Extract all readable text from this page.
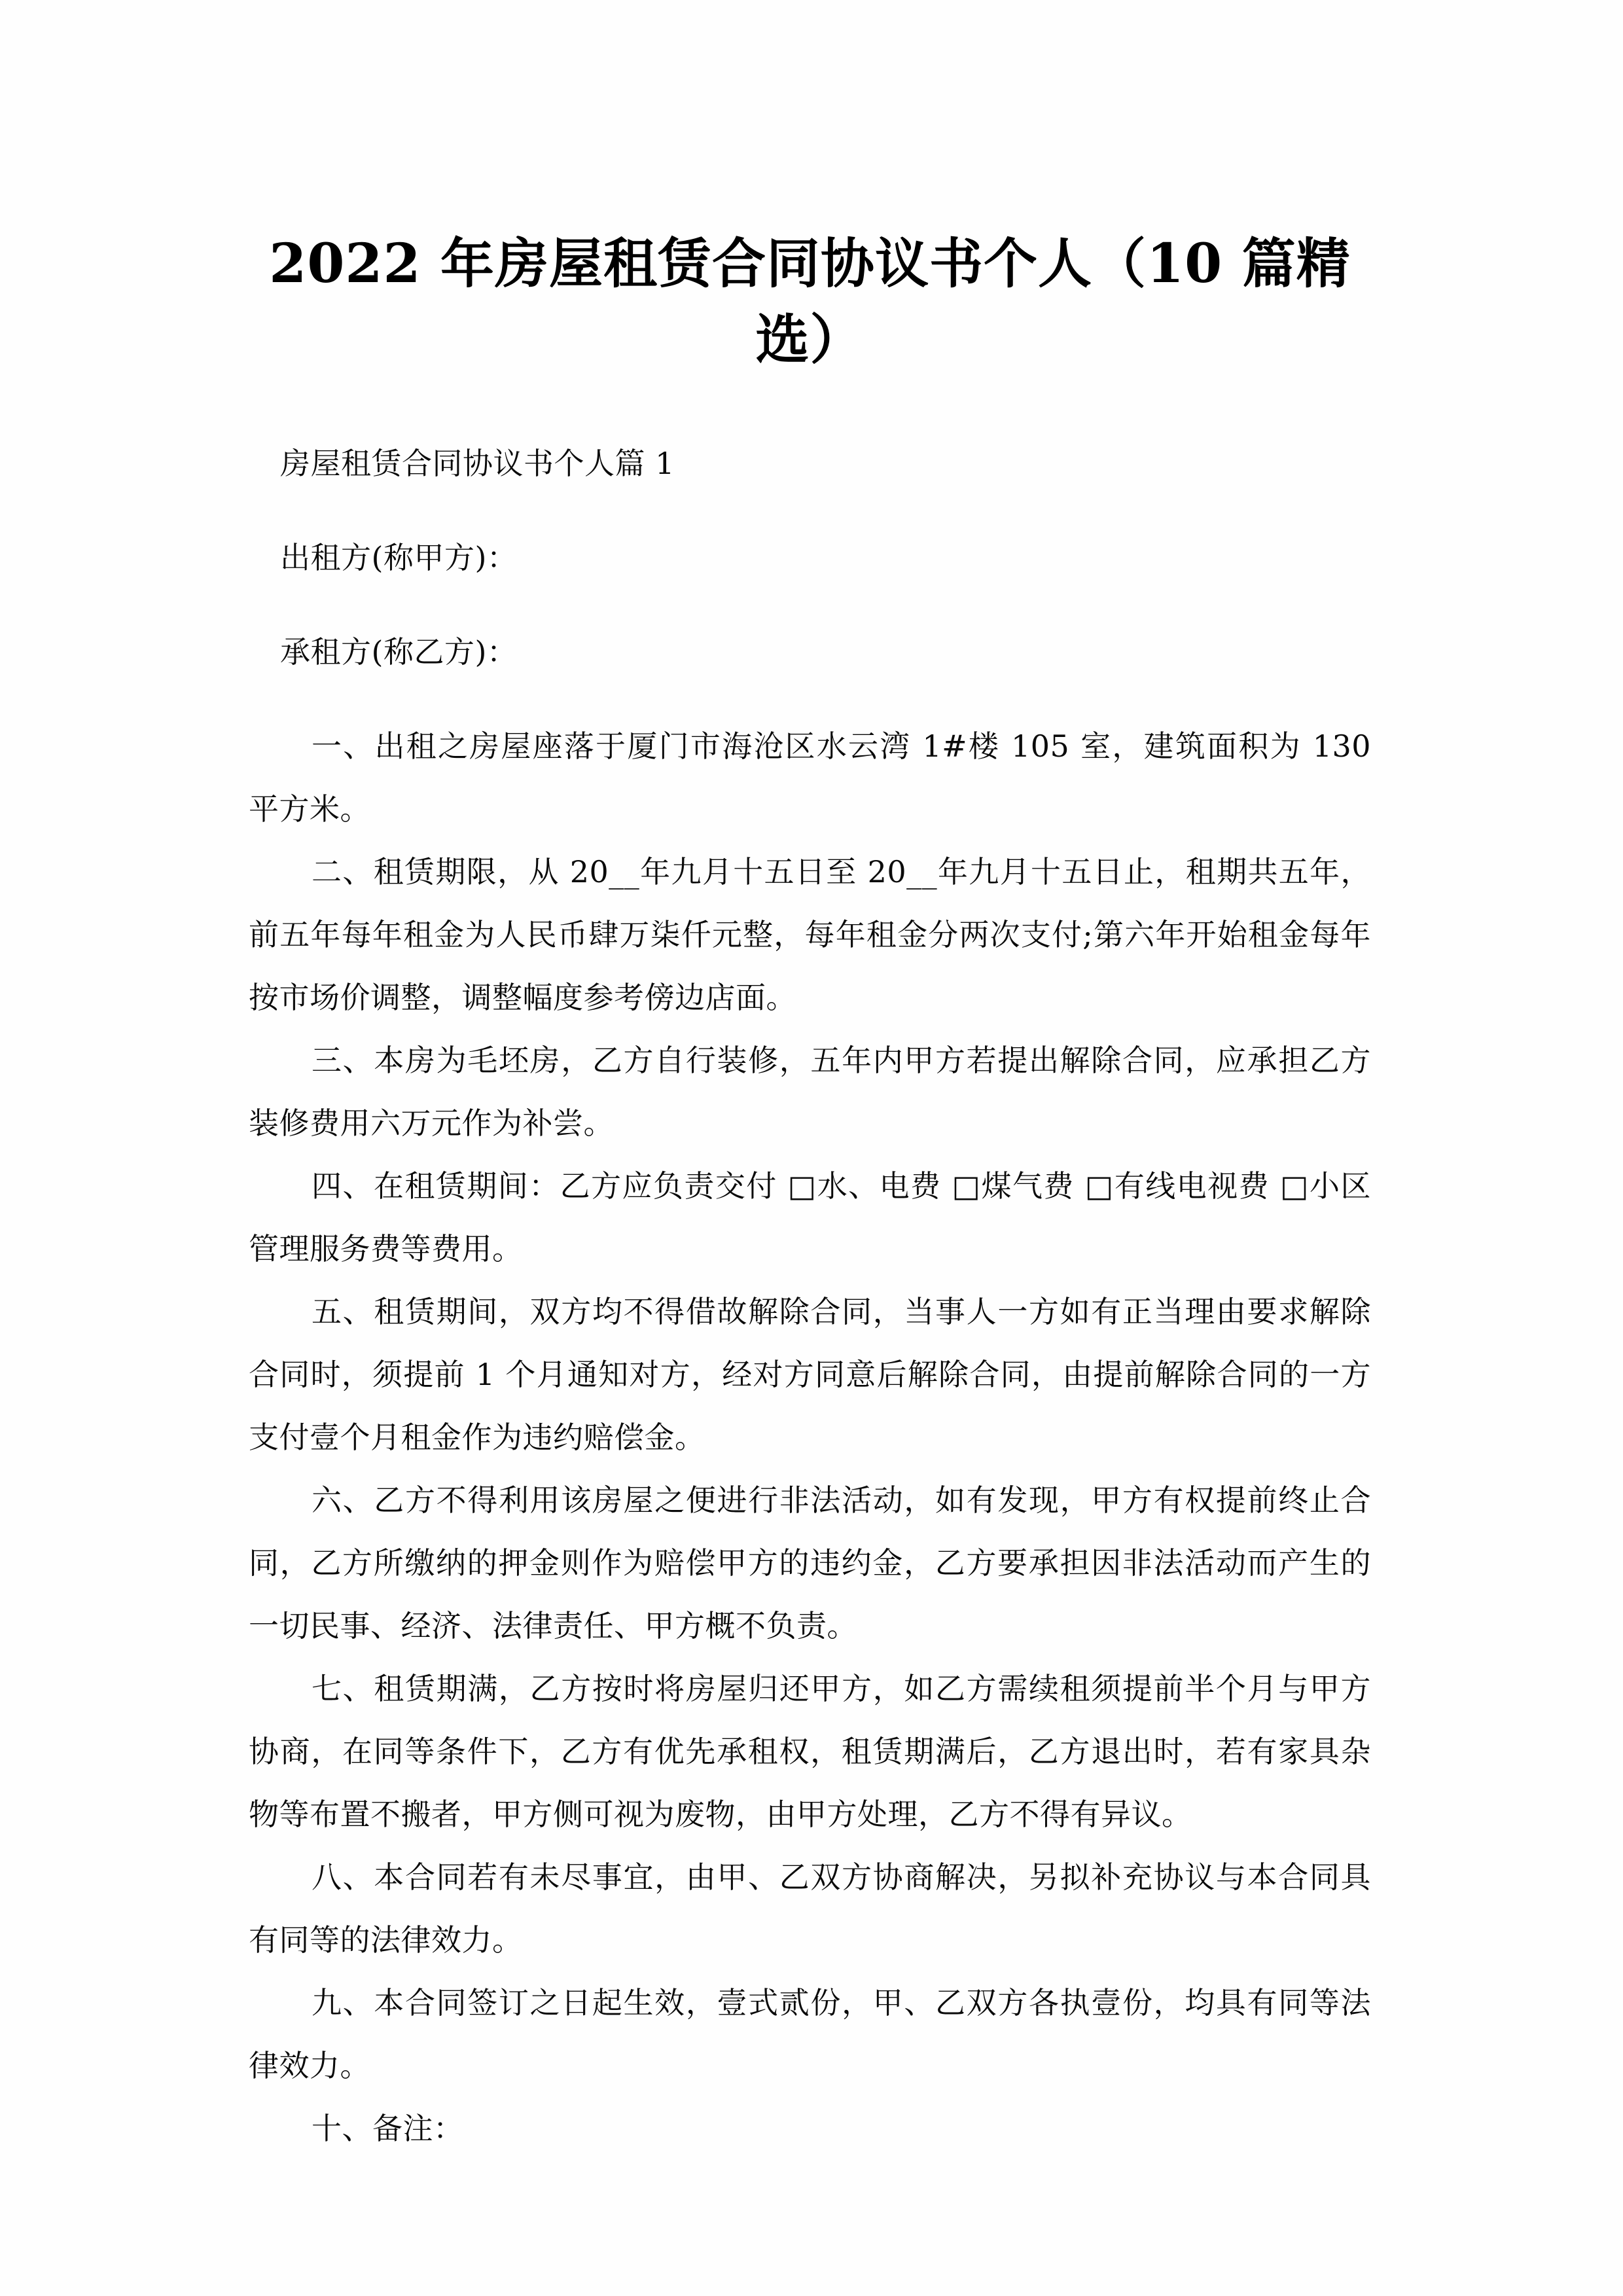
2022 年房屋租赁合同协议书个人（10 篇精选）

房屋租赁合同协议书个人篇 1

出租方(称甲方)：

承租方(称乙方)：

一、出租之房屋座落于厦门市海沧区水云湾 1#楼 105 室，建筑面积为 130 平方米。

二、租赁期限，从 20__年九月十五日至 20__年九月十五日止，租期共五年，前五年每年租金为人民币肆万柒仟元整，每年租金分两次支付;第六年开始租金每年按市场价调整，调整幅度参考傍边店面。

三、本房为毛坯房，乙方自行装修，五年内甲方若提出解除合同，应承担乙方装修费用六万元作为补尝。

四、在租赁期间：乙方应负责交付 □水、电费 □煤气费 □有线电视费 □小区管理服务费等费用。

五、租赁期间，双方均不得借故解除合同，当事人一方如有正当理由要求解除合同时，须提前 1 个月通知对方，经对方同意后解除合同，由提前解除合同的一方支付壹个月租金作为违约赔偿金。

六、乙方不得利用该房屋之便进行非法活动，如有发现，甲方有权提前终止合同，乙方所缴纳的押金则作为赔偿甲方的违约金，乙方要承担因非法活动而产生的一切民事、经济、法律责任、甲方概不负责。

七、租赁期满，乙方按时将房屋归还甲方，如乙方需续租须提前半个月与甲方协商，在同等条件下，乙方有优先承租权，租赁期满后，乙方退出时，若有家具杂物等布置不搬者，甲方侧可视为废物，由甲方处理，乙方不得有异议。

八、本合同若有未尽事宜，由甲、乙双方协商解决，另拟补充协议与本合同具有同等的法律效力。

九、本合同签订之日起生效，壹式贰份，甲、乙双方各执壹份，均具有同等法律效力。

十、备注：
